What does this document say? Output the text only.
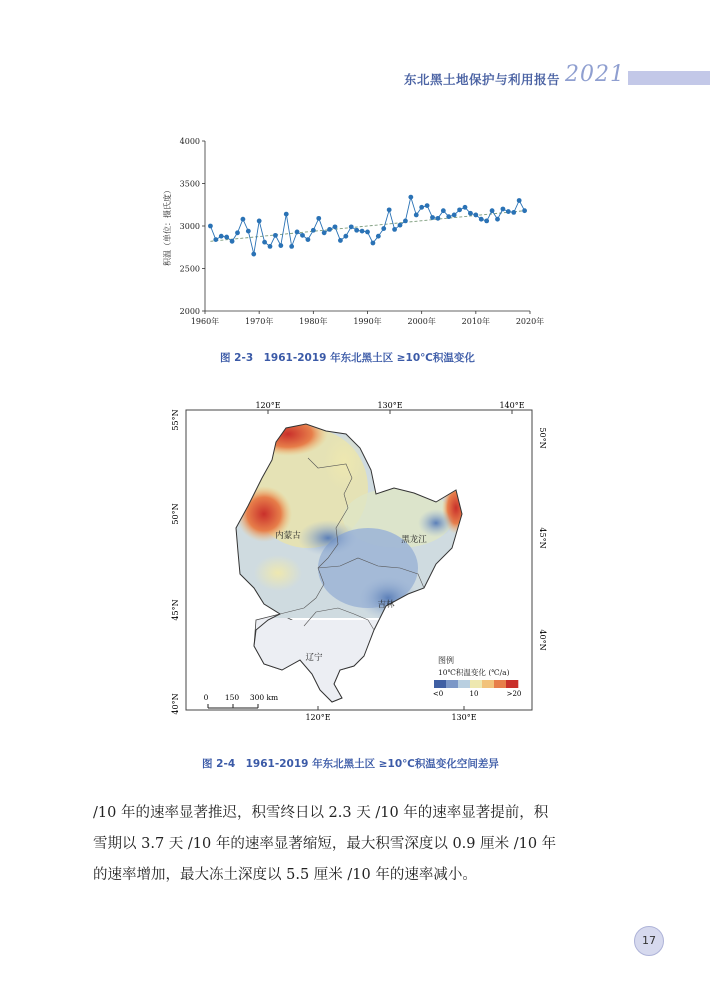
东北黑土地保护与利用报告 2021
2000
2500
3000
3500
4000
1960年	1970年	1980年	1990年	2000年	2010年	2020年
积温（单位：摄氏度）
图 2-3　1961-2019 年东北黑土区 ≥10℃积温变化
120°E	130°E	140°E
120°E	130°E
55°N
50°N
45°N
40°N
50°N
45°N
40°N
内蒙古	黑龙江
吉林
辽宁	图例
10℃积温变化 (℃/a)
<0	10	>20
0 150 300 km
图 2-4　1961-2019 年东北黑土区 ≥10℃积温变化空间差异
/10 年的速率显著推迟，积雪终日以 2.3 天 /10 年的速率显著提前，积
雪期以 3.7 天 /10 年的速率显著缩短，最大积雪深度以 0.9 厘米 /10 年
的速率增加，最大冻土深度以 5.5 厘米 /10 年的速率减小。
17
